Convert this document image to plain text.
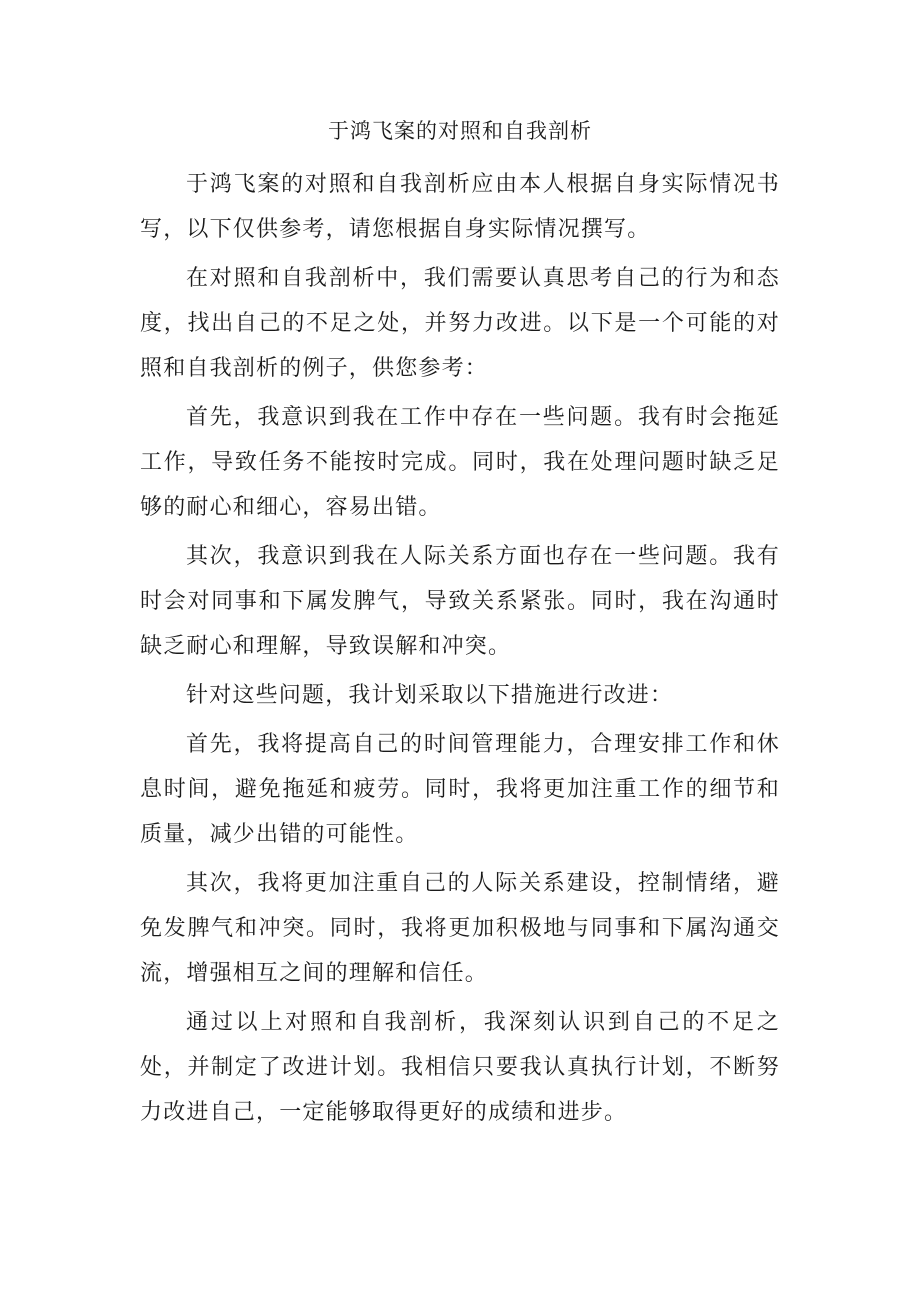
于鸿飞案的对照和自我剖析

于鸿飞案的对照和自我剖析应由本人根据自身实际情况书写，以下仅供参考，请您根据自身实际情况撰写。

在对照和自我剖析中，我们需要认真思考自己的行为和态度，找出自己的不足之处，并努力改进。以下是一个可能的对照和自我剖析的例子，供您参考：

首先，我意识到我在工作中存在一些问题。我有时会拖延工作，导致任务不能按时完成。同时，我在处理问题时缺乏足够的耐心和细心，容易出错。

其次，我意识到我在人际关系方面也存在一些问题。我有时会对同事和下属发脾气，导致关系紧张。同时，我在沟通时缺乏耐心和理解，导致误解和冲突。

针对这些问题，我计划采取以下措施进行改进：

首先，我将提高自己的时间管理能力，合理安排工作和休息时间，避免拖延和疲劳。同时，我将更加注重工作的细节和质量，减少出错的可能性。

其次，我将更加注重自己的人际关系建设，控制情绪，避免发脾气和冲突。同时，我将更加积极地与同事和下属沟通交流，增强相互之间的理解和信任。

通过以上对照和自我剖析，我深刻认识到自己的不足之处，并制定了改进计划。我相信只要我认真执行计划，不断努力改进自己，一定能够取得更好的成绩和进步。
